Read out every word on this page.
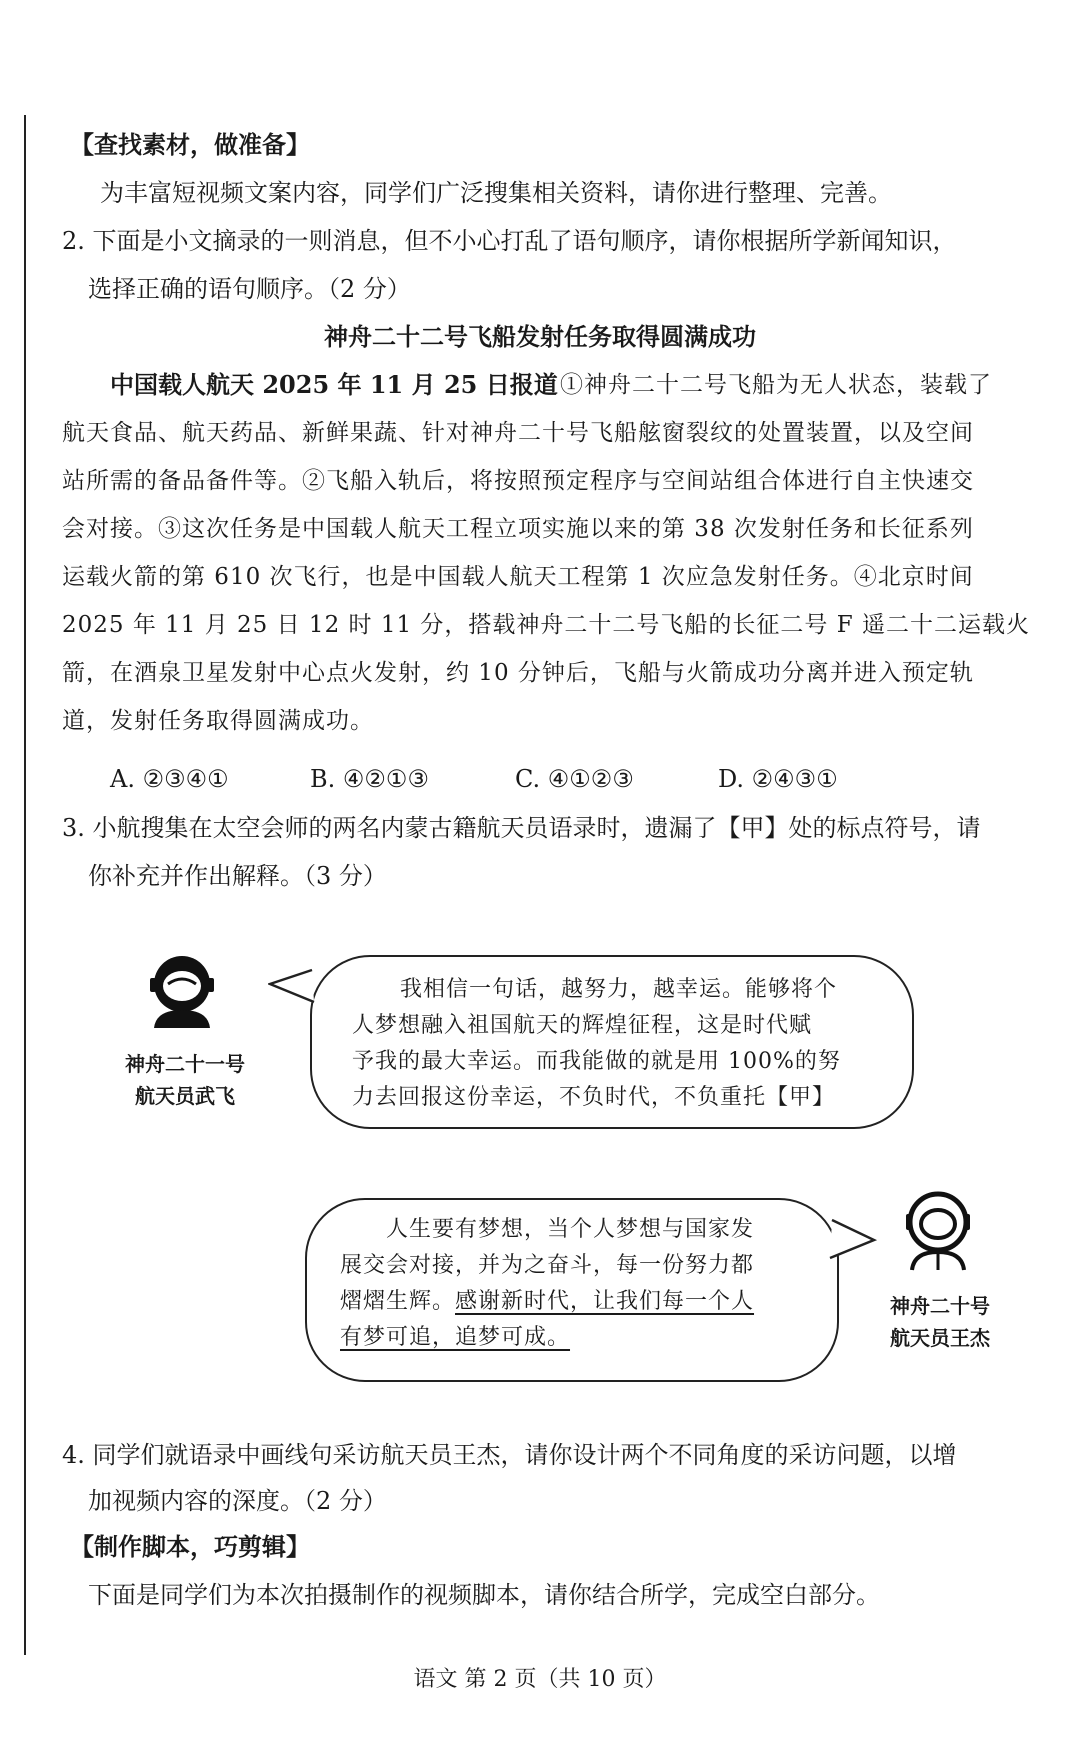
【查找素材，做准备】
为丰富短视频文案内容，同学们广泛搜集相关资料，请你进行整理、完善。
2. 下面是小文摘录的一则消息，但不小心打乱了语句顺序，请你根据所学新闻知识，
选择正确的语句顺序。（2 分）
神舟二十二号飞船发射任务取得圆满成功
中国载人航天 2025 年 11 月 25 日报道 ①神舟二十二号飞船为无人状态，装载了
航天食品、航天药品、新鲜果蔬、针对神舟二十号飞船舷窗裂纹的处置装置，以及空间
站所需的备品备件等。②飞船入轨后，将按照预定程序与空间站组合体进行自主快速交
会对接。③这次任务是中国载人航天工程立项实施以来的第 38 次发射任务和长征系列
运载火箭的第 610 次飞行，也是中国载人航天工程第 1 次应急发射任务。④北京时间
2025 年 11 月 25 日 12 时 11 分，搭载神舟二十二号飞船的长征二号 F 遥二十二运载火
箭，在酒泉卫星发射中心点火发射，约 10 分钟后，飞船与火箭成功分离并进入预定轨
道，发射任务取得圆满成功。
A. ②③④①	B. ④②①③	C. ④①②③	D. ②④③①
3. 小航搜集在太空会师的两名内蒙古籍航天员语录时，遗漏了【甲】处的标点符号，请
你补充并作出解释。（3 分）
神舟二十一号
航天员武飞
我相信一句话，越努力，越幸运。能够将个
人梦想融入祖国航天的辉煌征程，这是时代赋
予我的最大幸运。而我能做的就是用 100%的努
力去回报这份幸运，不负时代，不负重托【甲】
人生要有梦想，当个人梦想与国家发
展交会对接，并为之奋斗，每一份努力都
熠熠生辉。感谢新时代，让我们每一个人
有梦可追，追梦可成。
神舟二十号
航天员王杰
4. 同学们就语录中画线句采访航天员王杰，请你设计两个不同角度的采访问题，以增
加视频内容的深度。（2 分）
【制作脚本，巧剪辑】
下面是同学们为本次拍摄制作的视频脚本，请你结合所学，完成空白部分。
语文 第 2 页（共 10 页）
